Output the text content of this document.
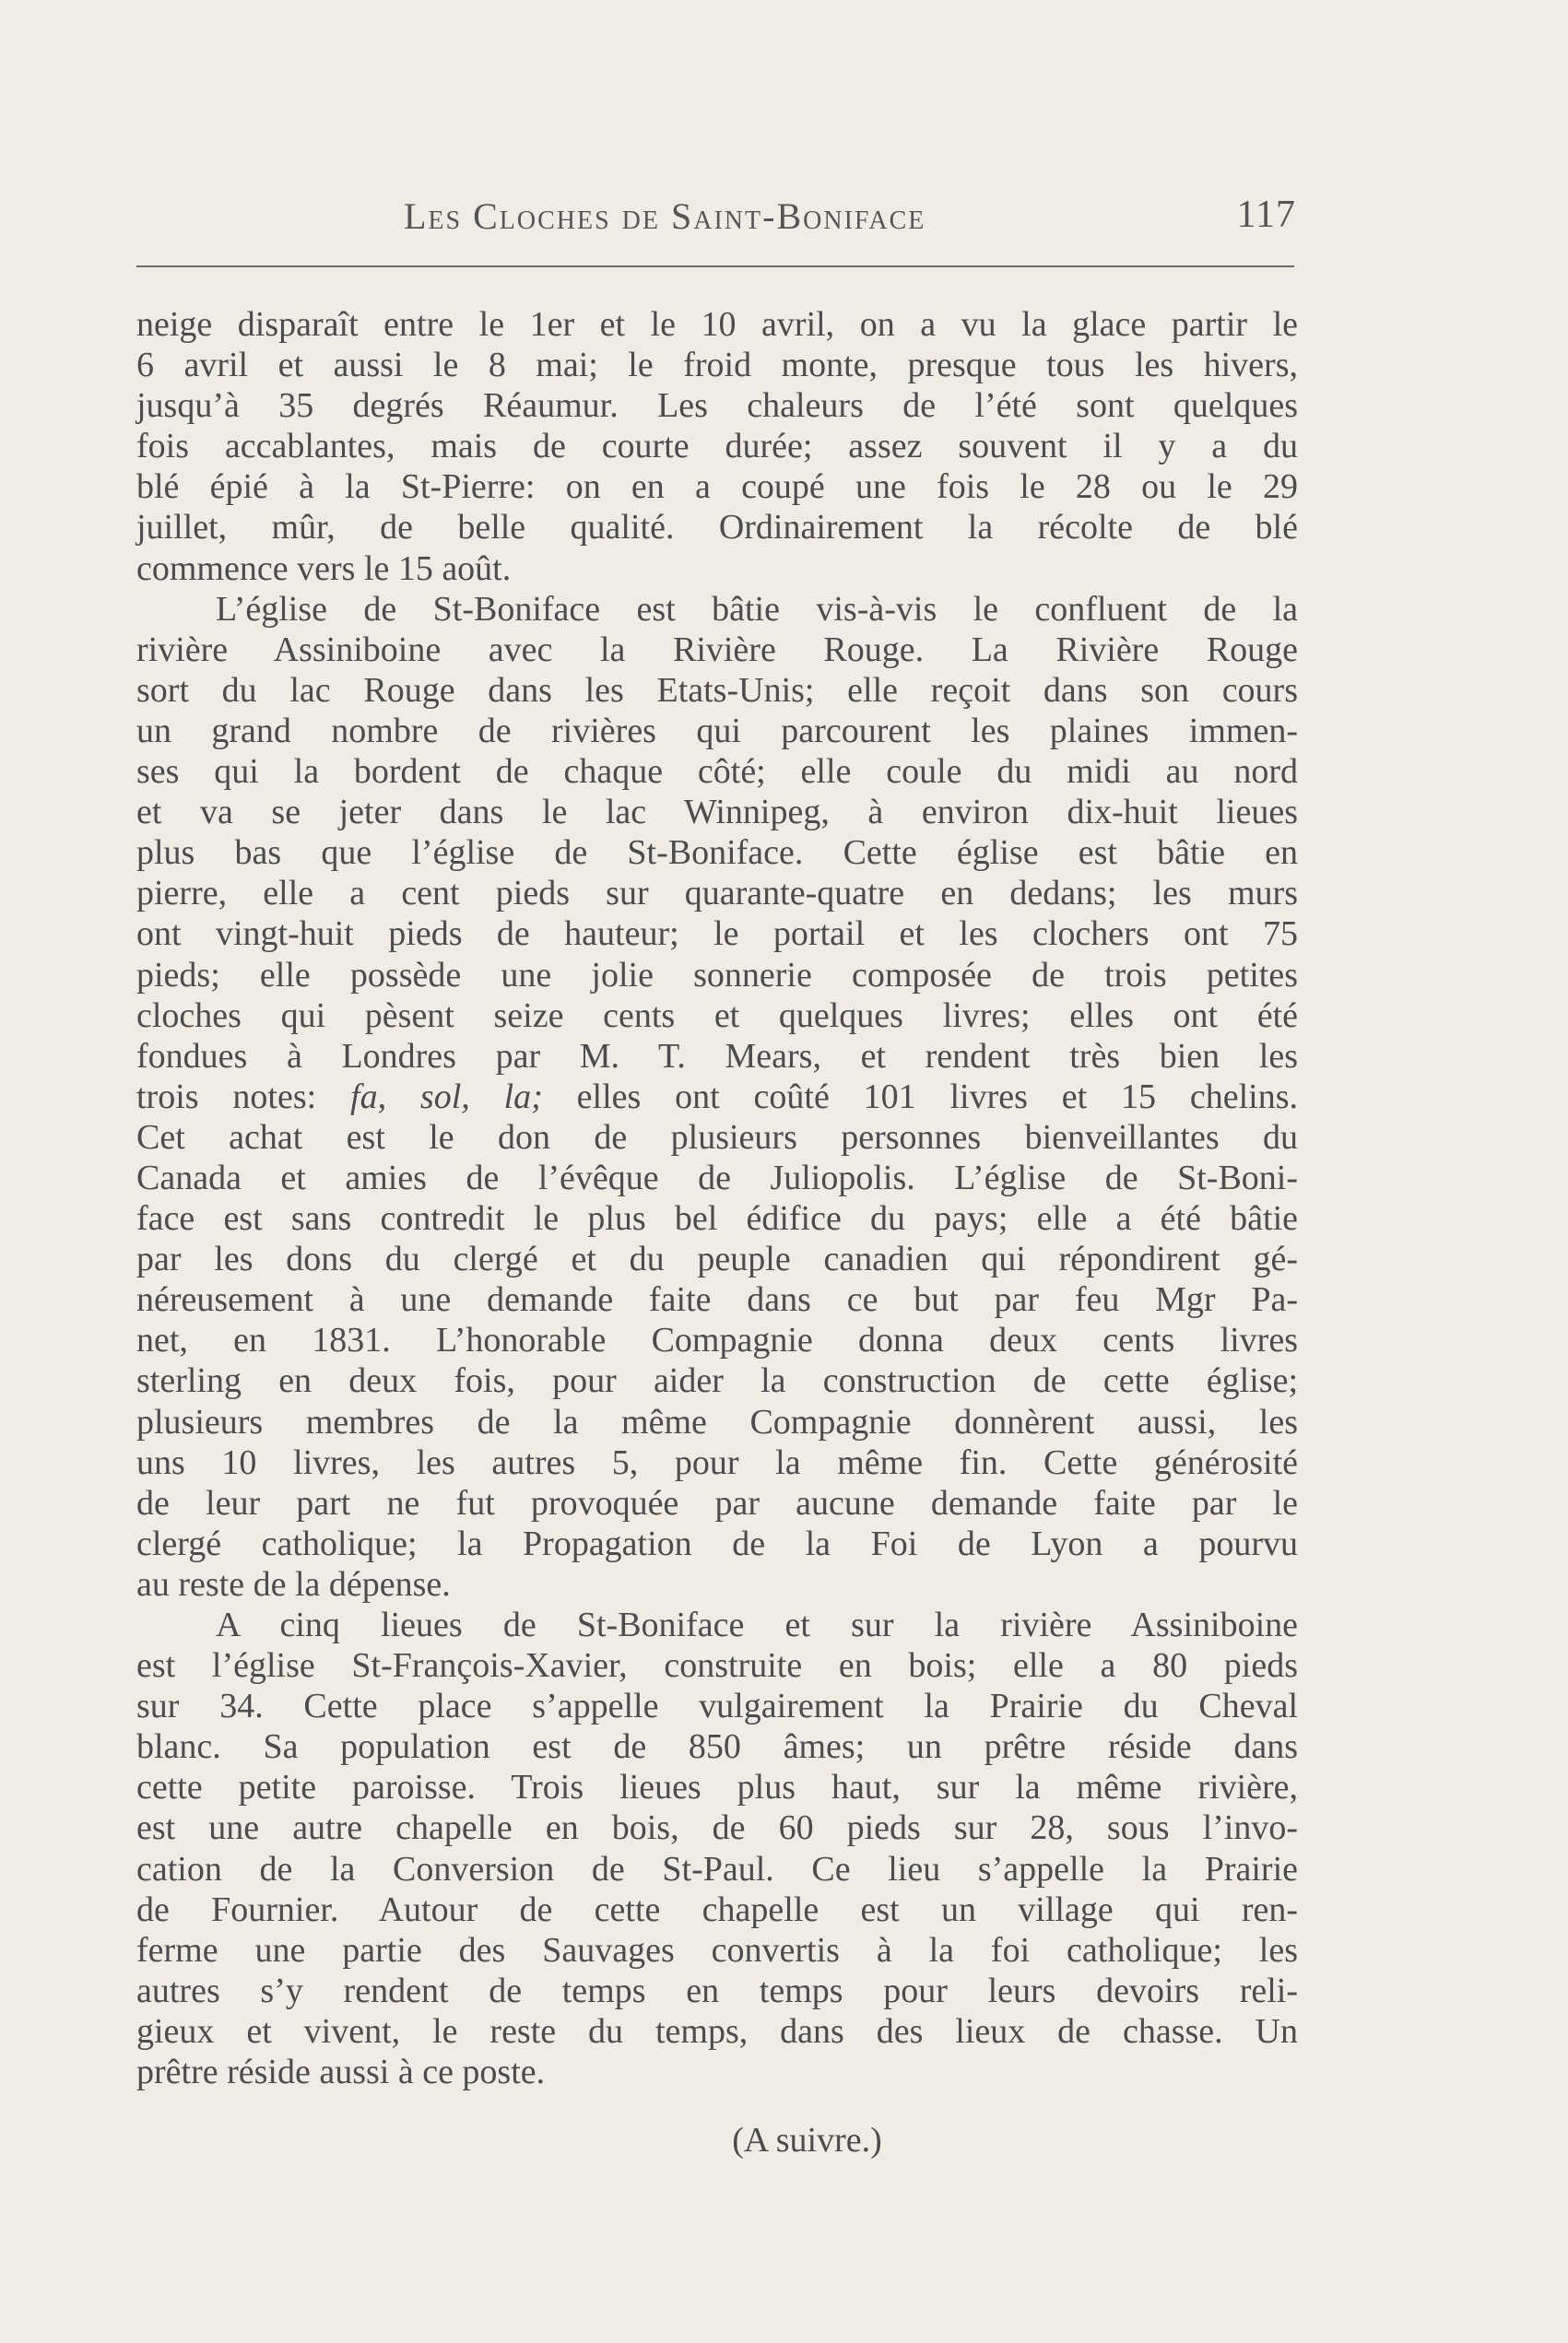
Les Cloches de Saint-Boniface	117
neige disparaît entre le 1er et le 10 avril, on a vu la glace partir le
6 avril et aussi le 8 mai; le froid monte, presque tous les hivers,
jusqu’à 35 degrés Réaumur. Les chaleurs de l’été sont quelques
fois accablantes, mais de courte durée; assez souvent il y a du
blé épié à la St-Pierre: on en a coupé une fois le 28 ou le 29
juillet, mûr, de belle qualité. Ordinairement la récolte de blé
commence vers le 15 août.
L’église de St-Boniface est bâtie vis-à-vis le confluent de la
rivière Assiniboine avec la Rivière Rouge. La Rivière Rouge
sort du lac Rouge dans les Etats-Unis; elle reçoit dans son cours
un grand nombre de rivières qui parcourent les plaines immen-
ses qui la bordent de chaque côté; elle coule du midi au nord
et va se jeter dans le lac Winnipeg, à environ dix-huit lieues
plus bas que l’église de St-Boniface. Cette église est bâtie en
pierre, elle a cent pieds sur quarante-quatre en dedans; les murs
ont vingt-huit pieds de hauteur; le portail et les clochers ont 75
pieds; elle possède une jolie sonnerie composée de trois petites
cloches qui pèsent seize cents et quelques livres; elles ont été
fondues à Londres par M. T. Mears, et rendent très bien les
trois notes: fa, sol, la; elles ont coûté 101 livres et 15 chelins.
Cet achat est le don de plusieurs personnes bienveillantes du
Canada et amies de l’évêque de Juliopolis. L’église de St-Boni-
face est sans contredit le plus bel édifice du pays; elle a été bâtie
par les dons du clergé et du peuple canadien qui répondirent gé-
néreusement à une demande faite dans ce but par feu Mgr Pa-
net, en 1831. L’honorable Compagnie donna deux cents livres
sterling en deux fois, pour aider la construction de cette église;
plusieurs membres de la même Compagnie donnèrent aussi, les
uns 10 livres, les autres 5, pour la même fin. Cette générosité
de leur part ne fut provoquée par aucune demande faite par le
clergé catholique; la Propagation de la Foi de Lyon a pourvu
au reste de la dépense.
A cinq lieues de St-Boniface et sur la rivière Assiniboine
est l’église St-François-Xavier, construite en bois; elle a 80 pieds
sur 34. Cette place s’appelle vulgairement la Prairie du Cheval
blanc. Sa population est de 850 âmes; un prêtre réside dans
cette petite paroisse. Trois lieues plus haut, sur la même rivière,
est une autre chapelle en bois, de 60 pieds sur 28, sous l’invo-
cation de la Conversion de St-Paul. Ce lieu s’appelle la Prairie
de Fournier. Autour de cette chapelle est un village qui ren-
ferme une partie des Sauvages convertis à la foi catholique; les
autres s’y rendent de temps en temps pour leurs devoirs reli-
gieux et vivent, le reste du temps, dans des lieux de chasse. Un
prêtre réside aussi à ce poste.
(A suivre.)
